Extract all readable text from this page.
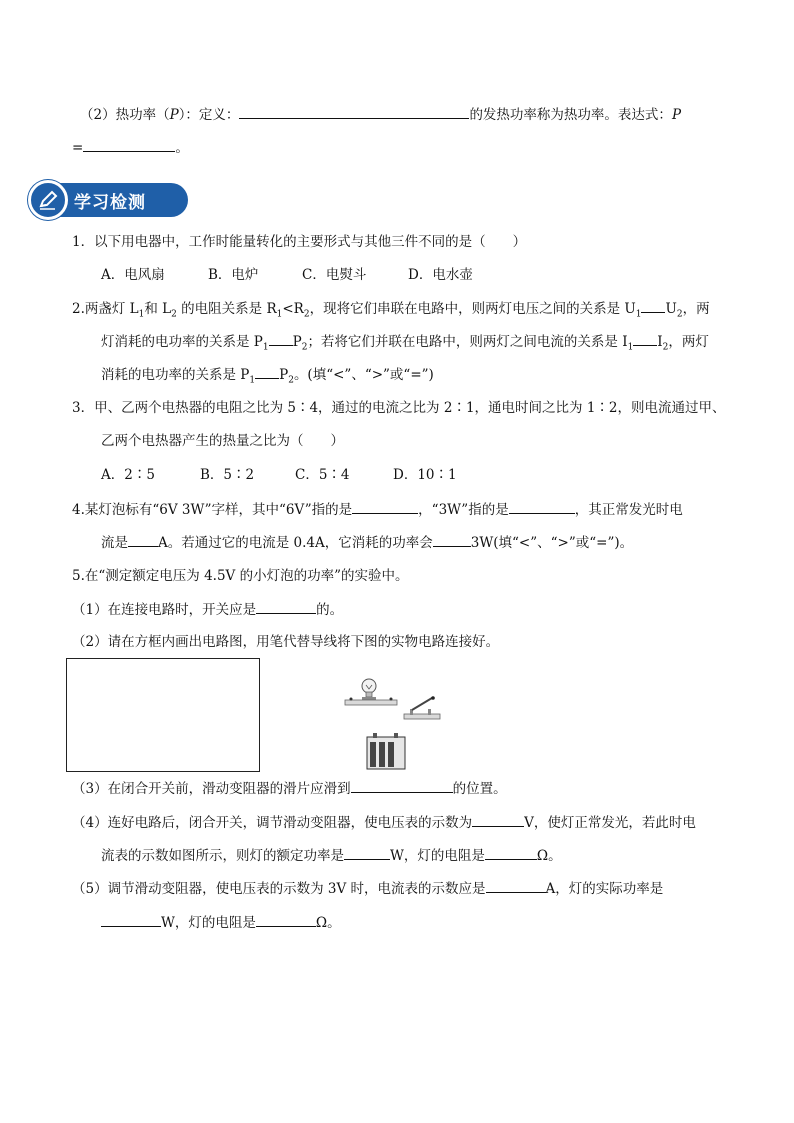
（2）热功率（P）：定义：	的发热功率称为热功率。表达式：P
=	。
学习检测
1．以下用电器中，工作时能量转化的主要形式与其他三件不同的是（　　）
A．电风扇	B．电炉	C．电熨斗	D．电水壶
2.两盏灯 $L_1$和 $L_2$ 的电阻关系是 $R_1<R_2$，现将它们串联在电路中，则两灯电压之间的关系是 $U_1$ $U_2$，两
灯消耗的电功率的关系是 $P_1$ $P_2$；若将它们并联在电路中，则两灯之间电流的关系是 $I_1$ $I_2$，两灯
消耗的电功率的关系是 $P_1$ $P_2$。(填“<”、“>”或“=”)
3．甲、乙两个电热器的电阻之比为 5∶4，通过的电流之比为 2∶1，通电时间之比为 1∶2，则电流通过甲、
乙两个电热器产生的热量之比为（　　）
A．2∶5	B．5∶2	C．5∶4	D．10∶1
4.某灯泡标有“6V 3W”字样，其中“6V”指的是	，“3W”指的是	，其正常发光时电
流是 A。若通过它的电流是 0.4A，它消耗的功率会	3W(填“<”、“>”或“=”)。
5.在“测定额定电压为 4.5V 的小灯泡的功率”的实验中。
（1）在连接电路时，开关应是	的。
（2）请在方框内画出电路图，用笔代替导线将下图的实物电路连接好。
（3）在闭合开关前，滑动变阻器的滑片应滑到	的位置。
（4）连好电路后，闭合开关，调节滑动变阻器，使电压表的示数为	V，使灯正常发光，若此时电
流表的示数如图所示，则灯的额定功率是	W，灯的电阻是	Ω。
（5）调节滑动变阻器，使电压表的示数为 3V 时，电流表的示数应是	A，灯的实际功率是
W，灯的电阻是	Ω。
